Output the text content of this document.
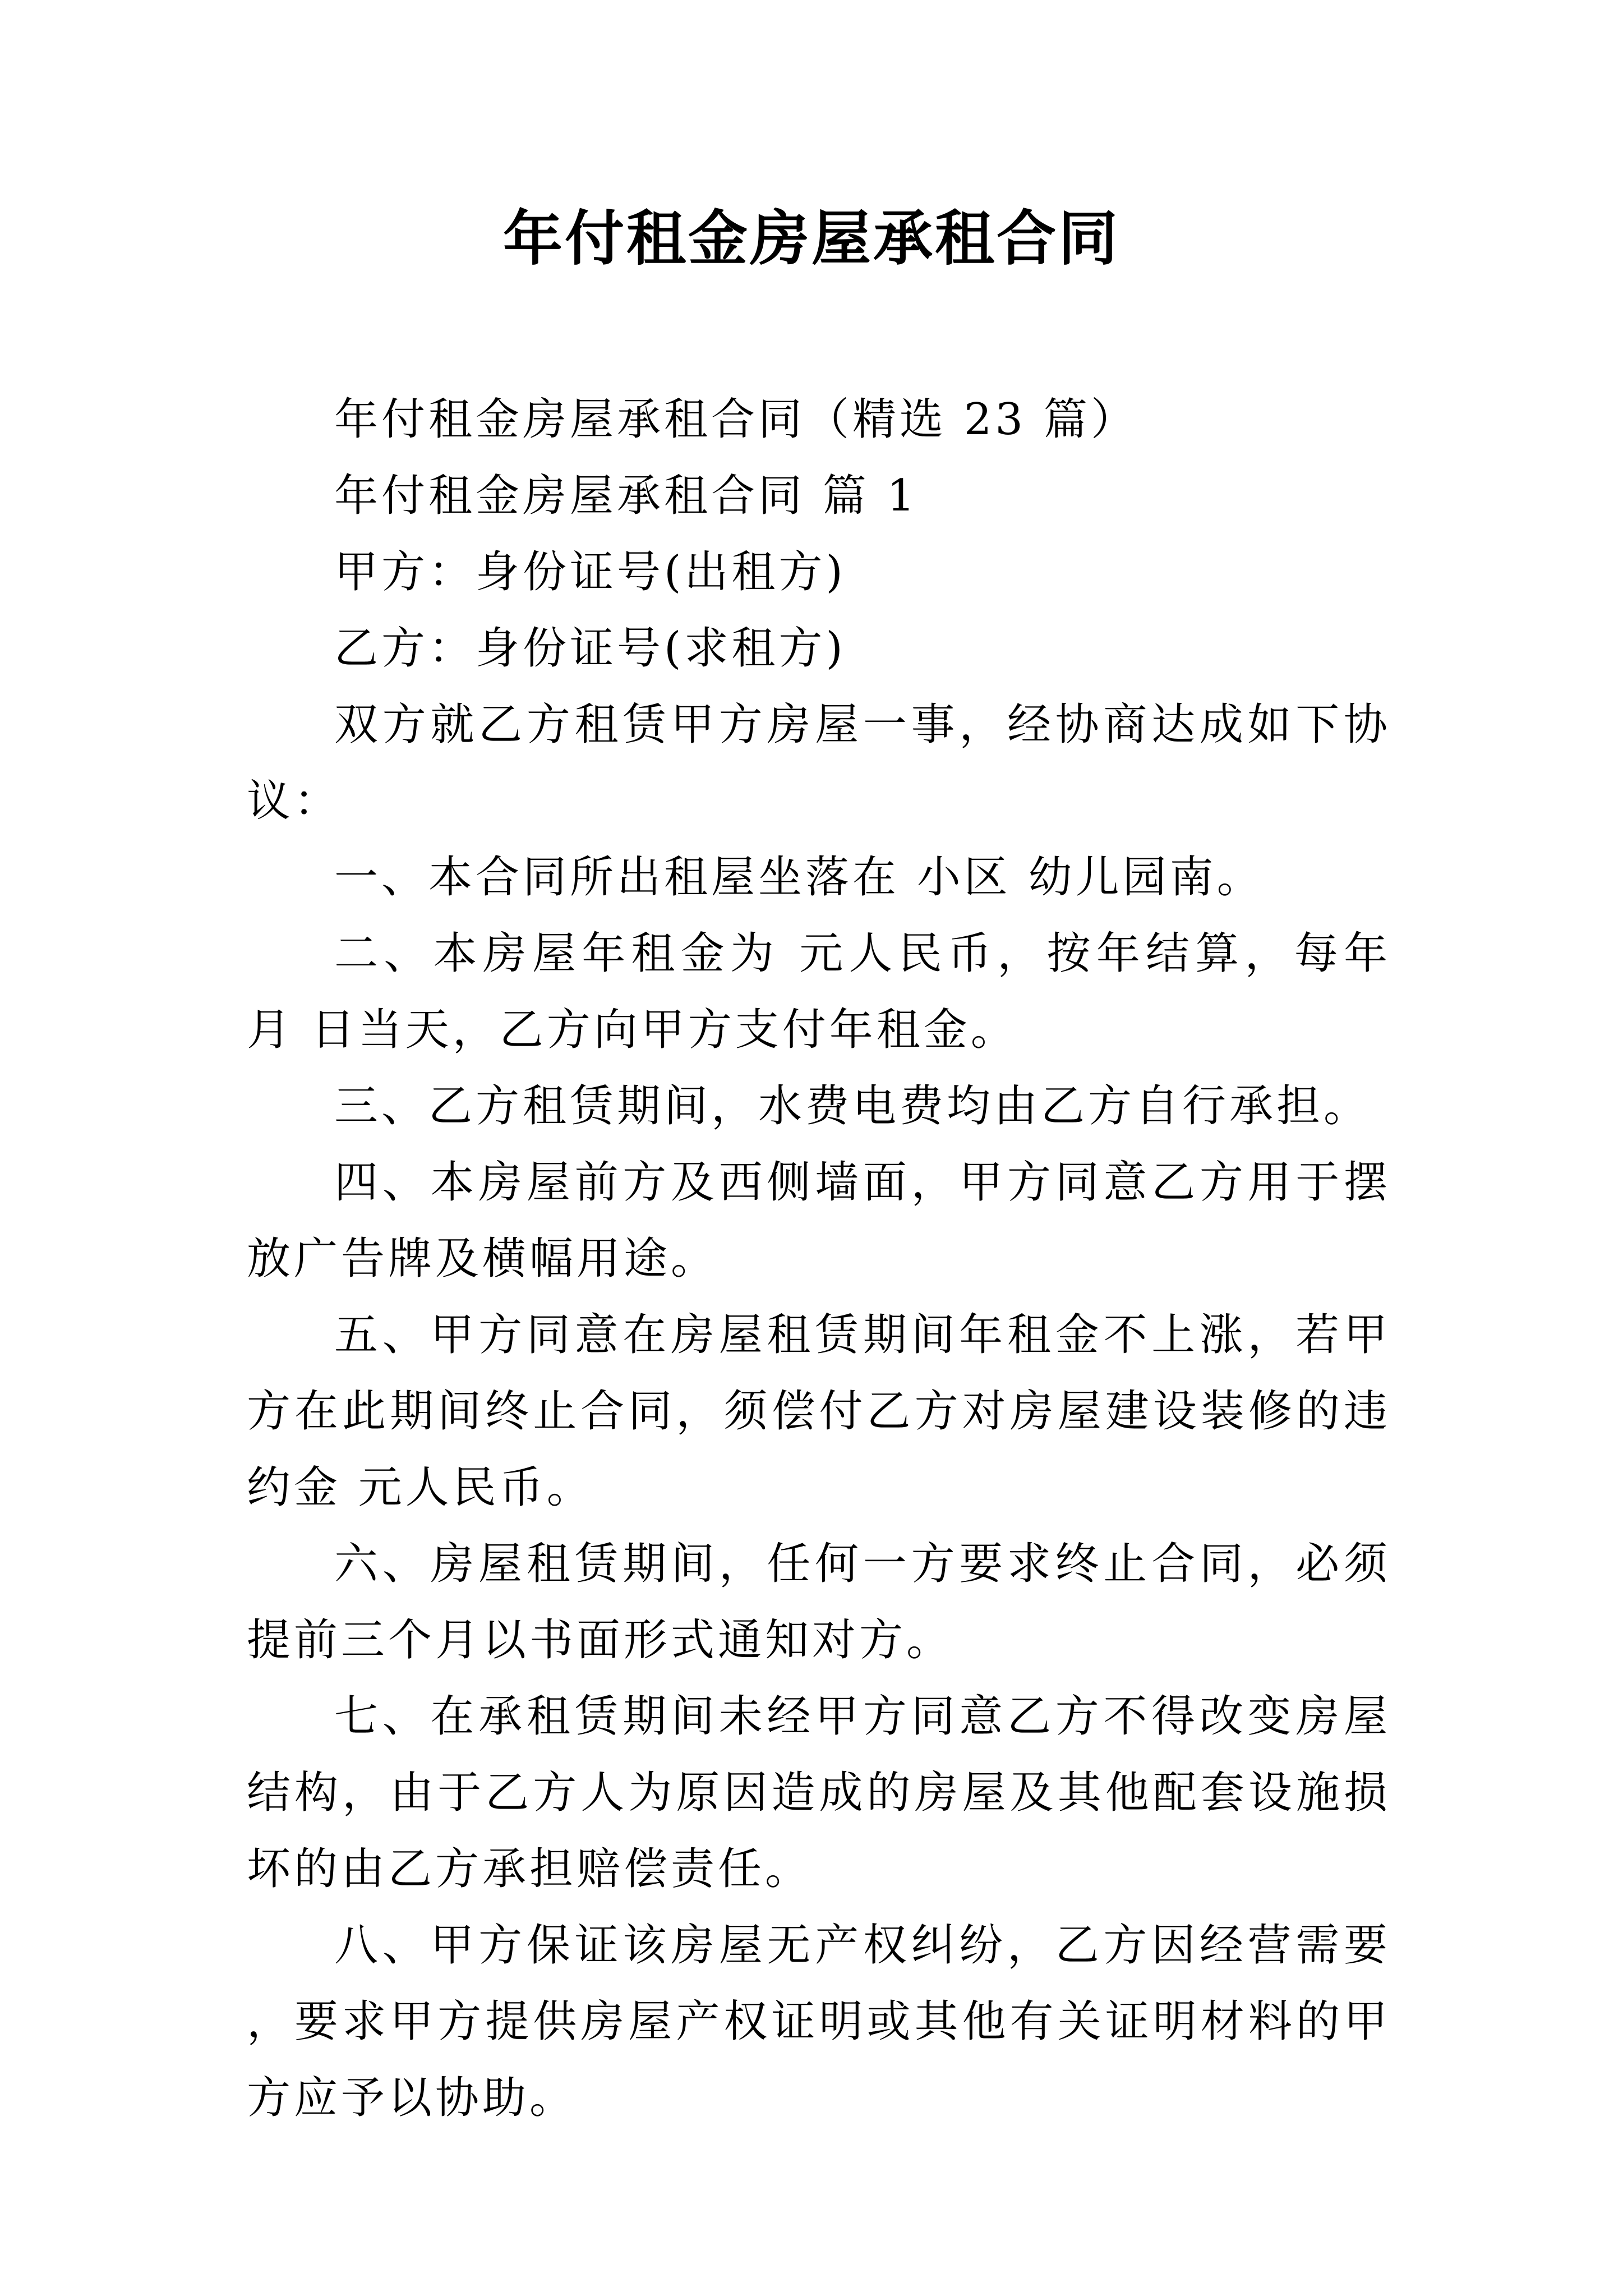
年付租金房屋承租合同

年付租金房屋承租合同（精选 23 篇）

年付租金房屋承租合同 篇 1

甲方：身份证号(出租方)

乙方：身份证号(求租方)

双方就乙方租赁甲方房屋一事，经协商达成如下协议：

一、本合同所出租屋坐落在 小区 幼儿园南。

二、本房屋年租金为 元人民币，按年结算，每年 月 日当天，乙方向甲方支付年租金。

三、乙方租赁期间，水费电费均由乙方自行承担。

四、本房屋前方及西侧墙面，甲方同意乙方用于摆放广告牌及横幅用途。

五、甲方同意在房屋租赁期间年租金不上涨，若甲方在此期间终止合同，须偿付乙方对房屋建设装修的违约金 元人民币。

六、房屋租赁期间，任何一方要求终止合同，必须提前三个月以书面形式通知对方。

七、在承租赁期间未经甲方同意乙方不得改变房屋结构，由于乙方人为原因造成的房屋及其他配套设施损坏的由乙方承担赔偿责任。

八、甲方保证该房屋无产权纠纷，乙方因经营需要，要求甲方提供房屋产权证明或其他有关证明材料的甲方应予以协助。
